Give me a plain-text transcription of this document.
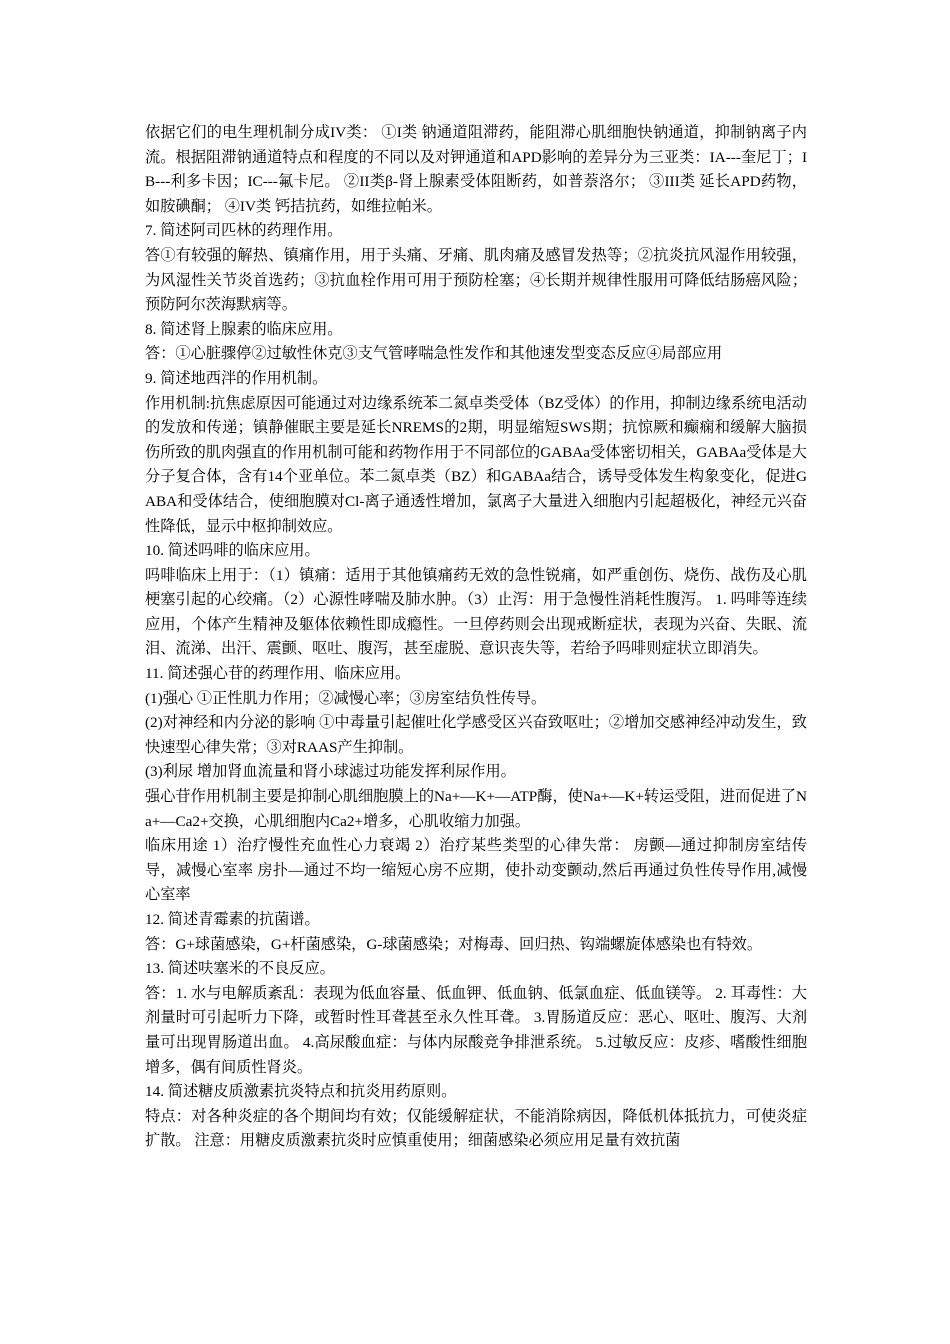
依据它们的电生理机制分成IV类： ①I类 钠通道阻滞药，能阻滞心肌细胞快钠通道，抑制钠离子内流。根据阻滞钠通道特点和程度的不同以及对钾通道和APD影响的差异分为三亚类：IA---奎尼丁；IB---利多卡因；IC---氟卡尼。 ②II类β-肾上腺素受体阻断药，如普萘洛尔； ③III类 延长APD药物，如胺碘酮； ④IV类 钙拮抗药，如维拉帕米。

7. 简述阿司匹林的药理作用。

答①有较强的解热、镇痛作用，用于头痛、牙痛、肌肉痛及感冒发热等；②抗炎抗风湿作用较强，为风湿性关节炎首选药；③抗血栓作用可用于预防栓塞；④长期并规律性服用可降低结肠癌风险；预防阿尔茨海默病等。

8. 简述肾上腺素的临床应用。

答：①心脏骤停②过敏性休克③支气管哮喘急性发作和其他速发型变态反应④局部应用

9. 简述地西泮的作用机制。

作用机制:抗焦虑原因可能通过对边缘系统苯二氮卓类受体（BZ受体）的作用，抑制边缘系统电活动的发放和传递；镇静催眠主要是延长NREMS的2期，明显缩短SWS期；抗惊厥和癫痫和缓解大脑损伤所致的肌肉强直的作用机制可能和药物作用于不同部位的GABAa受体密切相关，GABAa受体是大分子复合体，含有14个亚单位。苯二氮卓类（BZ）和GABAa结合，诱导受体发生构象变化，促进GABA和受体结合，使细胞膜对Cl-离子通透性增加，氯离子大量进入细胞内引起超极化，神经元兴奋性降低，显示中枢抑制效应。

10. 简述吗啡的临床应用。

吗啡临床上用于：（1）镇痛：适用于其他镇痛药无效的急性锐痛，如严重创伤、烧伤、战伤及心肌梗塞引起的心绞痛。（2）心源性哮喘及肺水肿。（3）止泻：用于急慢性消耗性腹泻。 1. 吗啡等连续应用，个体产生精神及躯体依赖性即成瘾性。一旦停药则会出现戒断症状，表现为兴奋、失眠、流泪、流涕、出汗、震颤、呕吐、腹泻，甚至虚脱、意识丧失等，若给予吗啡则症状立即消失。

11. 简述强心苷的药理作用、临床应用。

(1)强心 ①正性肌力作用；②减慢心率；③房室结负性传导。

(2)对神经和内分泌的影响 ①中毒量引起催吐化学感受区兴奋致呕吐；②增加交感神经冲动发生，致快速型心律失常；③对RAAS产生抑制。

(3)利尿 增加肾血流量和肾小球滤过功能发挥利尿作用。

强心苷作用机制主要是抑制心肌细胞膜上的Na+—K+—ATP酶，使Na+—K+转运受阻，进而促进了Na+—Ca2+交换，心肌细胞内Ca2+增多，心肌收缩力加强。

临床用途 1）治疗慢性充血性心力衰竭 2）治疗某些类型的心律失常： 房颤—通过抑制房室结传导，减慢心室率 房扑—通过不均一缩短心房不应期，使扑动变颤动,然后再通过负性传导作用,减慢心室率

12. 简述青霉素的抗菌谱。

答：G+球菌感染，G+杆菌感染，G-球菌感染；对梅毒、回归热、钩端螺旋体感染也有特效。

13. 简述呋塞米的不良反应。

答：1. 水与电解质紊乱：表现为低血容量、低血钾、低血钠、低氯血症、低血镁等。 2. 耳毒性：大剂量时可引起听力下降，或暂时性耳聋甚至永久性耳聋。 3.胃肠道反应：恶心、呕吐、腹泻、大剂量可出现胃肠道出血。 4.高尿酸血症：与体内尿酸竞争排泄系统。 5.过敏反应：皮疹、嗜酸性细胞增多，偶有间质性肾炎。

14. 简述糖皮质激素抗炎特点和抗炎用药原则。

特点：对各种炎症的各个期间均有效；仅能缓解症状，不能消除病因，降低机体抵抗力，可使炎症扩散。 注意：用糖皮质激素抗炎时应慎重使用；细菌感染必须应用足量有效抗菌
